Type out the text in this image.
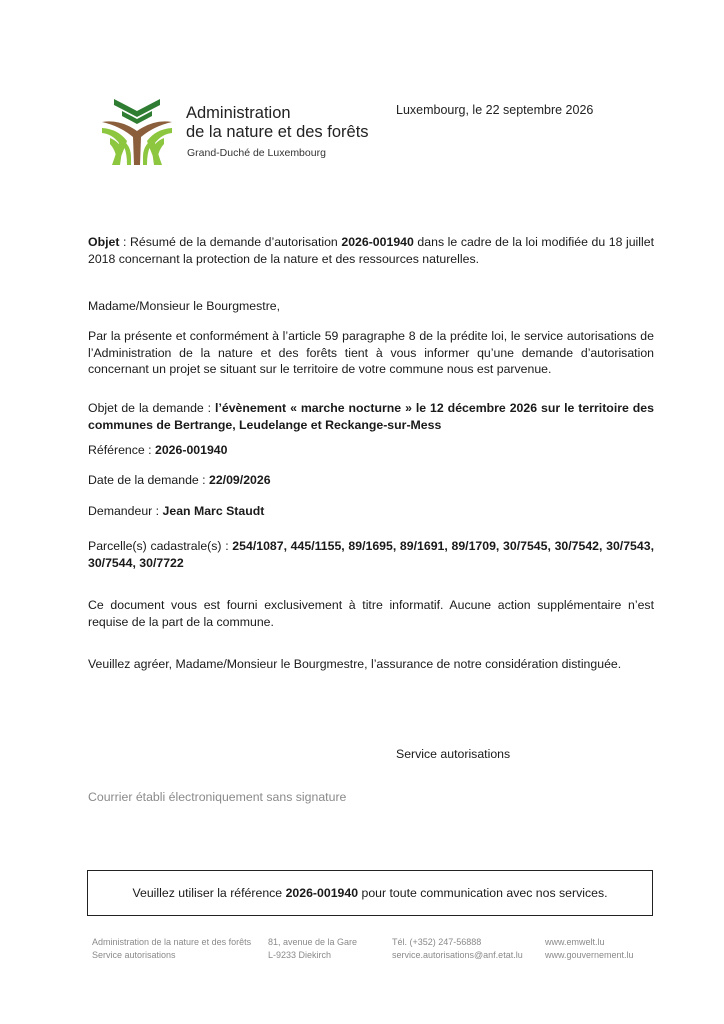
Administration
de la nature et des forêts
Grand-Duché de Luxembourg
Luxembourg, le 22 septembre 2026
Objet : Résumé de la demande d’autorisation 2026-001940 dans le cadre de la loi modifiée du 18 juillet 2018 concernant la protection de la nature et des ressources naturelles.
Madame/Monsieur le Bourgmestre,
Par la présente et conformément à l’article 59 paragraphe 8 de la prédite loi, le service autorisations de l’Administration de la nature et des forêts tient à vous informer qu’une demande d’autorisation concernant un projet se situant sur le territoire de votre commune nous est parvenue.
Objet de la demande : l’évènement « marche nocturne » le 12 décembre 2026 sur le territoire des communes de Bertrange, Leudelange et Reckange-sur-Mess
Référence : 2026-001940
Date de la demande : 22/09/2026
Demandeur : Jean Marc Staudt
Parcelle(s) cadastrale(s) : 254/1087, 445/1155, 89/1695, 89/1691, 89/1709, 30/7545, 30/7542, 30/7543, 30/7544, 30/7722
Ce document vous est fourni exclusivement à titre informatif. Aucune action supplémentaire n’est requise de la part de la commune.
Veuillez agréer, Madame/Monsieur le Bourgmestre, l’assurance de notre considération distinguée.
Service autorisations
Courrier établi électroniquement sans signature
Veuillez utiliser la référence 2026-001940 pour toute communication avec nos services.
Administration de la nature et des forêts
Service autorisations
81, avenue de la Gare
L-9233 Diekirch
Tél. (+352) 247-56888
service.autorisations@anf.etat.lu
www.emwelt.lu
www.gouvernement.lu
